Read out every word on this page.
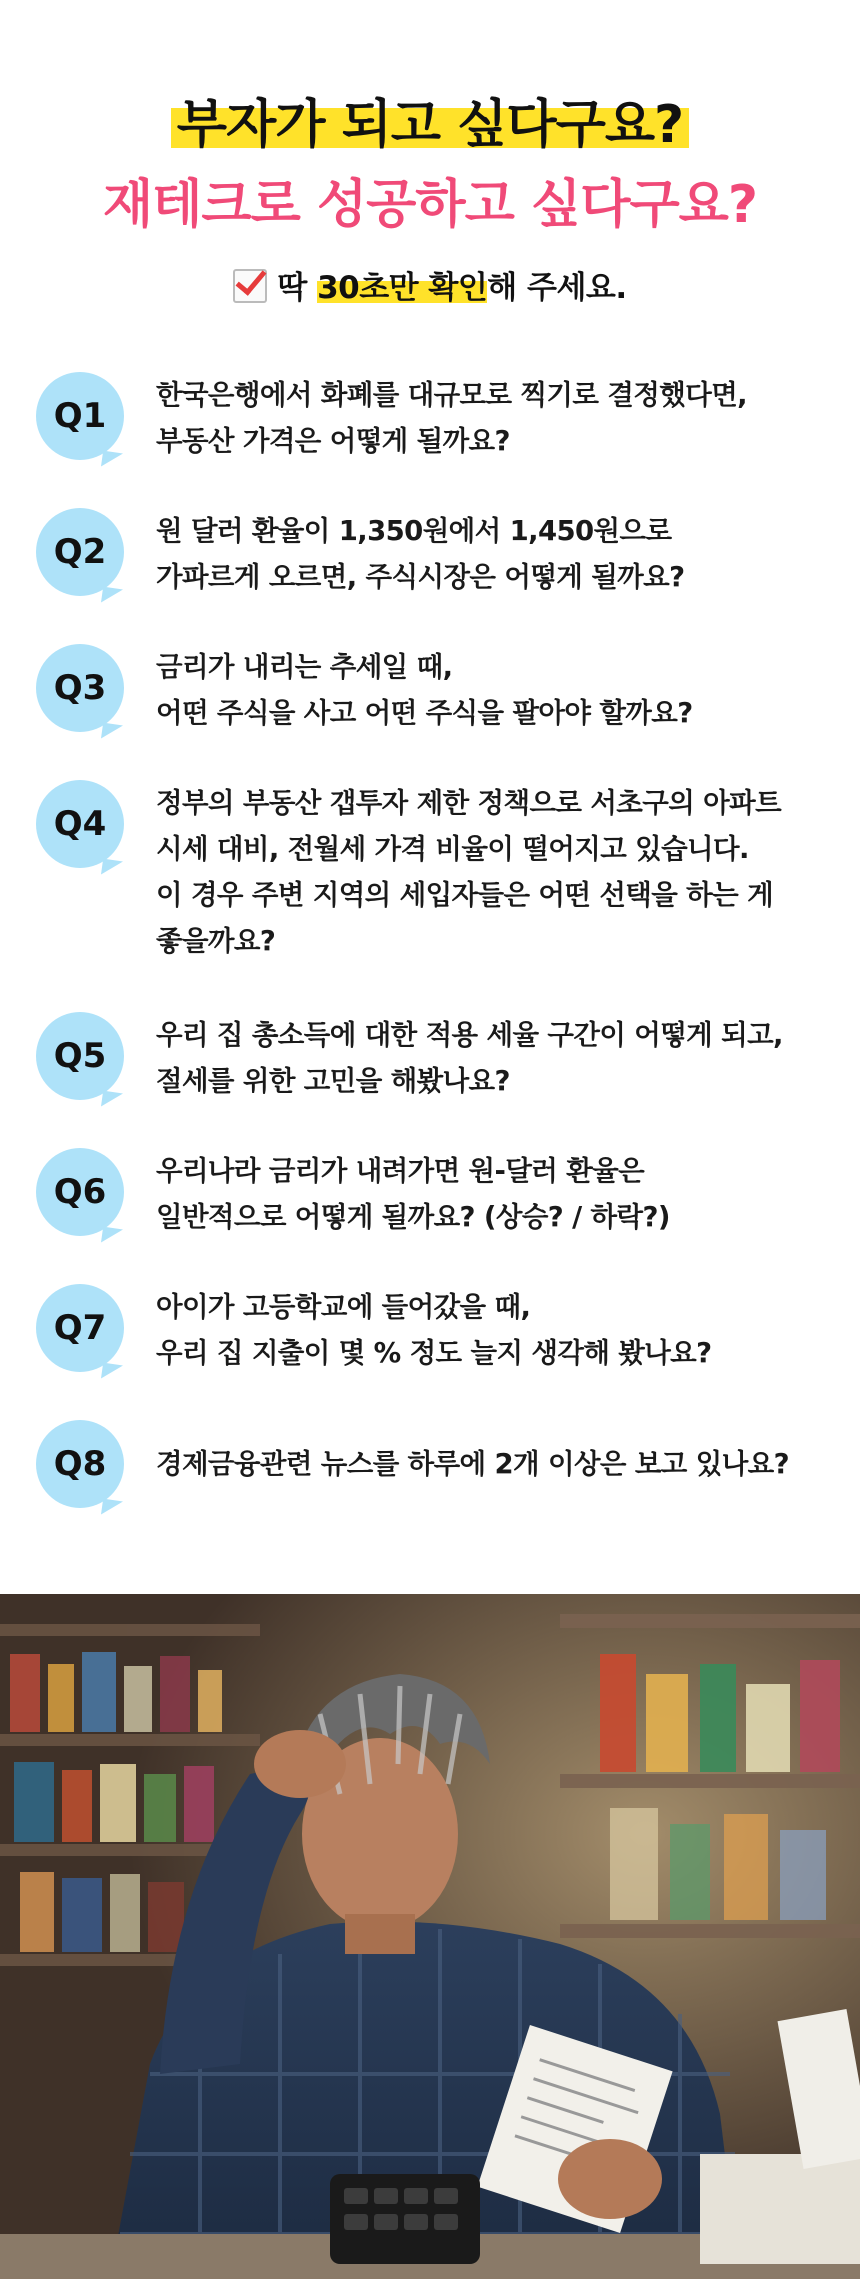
부자가 되고 싶다구요?
재테크로 성공하고 싶다구요?
딱 30초만 확인해 주세요.
Q1
한국은행에서 화폐를 대규모로 찍기로 결정했다면,
부동산 가격은 어떻게 될까요?
Q2
원 달러 환율이 1,350원에서 1,450원으로
가파르게 오르면, 주식시장은 어떻게 될까요?
Q3
금리가 내리는 추세일 때,
어떤 주식을 사고 어떤 주식을 팔아야 할까요?
Q4
정부의 부동산 갭투자 제한 정책으로 서초구의 아파트
시세 대비, 전월세 가격 비율이 떨어지고 있습니다.
이 경우 주변 지역의 세입자들은 어떤 선택을 하는 게
좋을까요?
Q5
우리 집 총소득에 대한 적용 세율 구간이 어떻게 되고,
절세를 위한 고민을 해봤나요?
Q6
우리나라 금리가 내려가면 원-달러 환율은
일반적으로 어떻게 될까요? (상승? / 하락?)
Q7
아이가 고등학교에 들어갔을 때,
우리 집 지출이 몇 % 정도 늘지 생각해 봤나요?
Q8	경제금융관련 뉴스를 하루에 2개 이상은 보고 있나요?
